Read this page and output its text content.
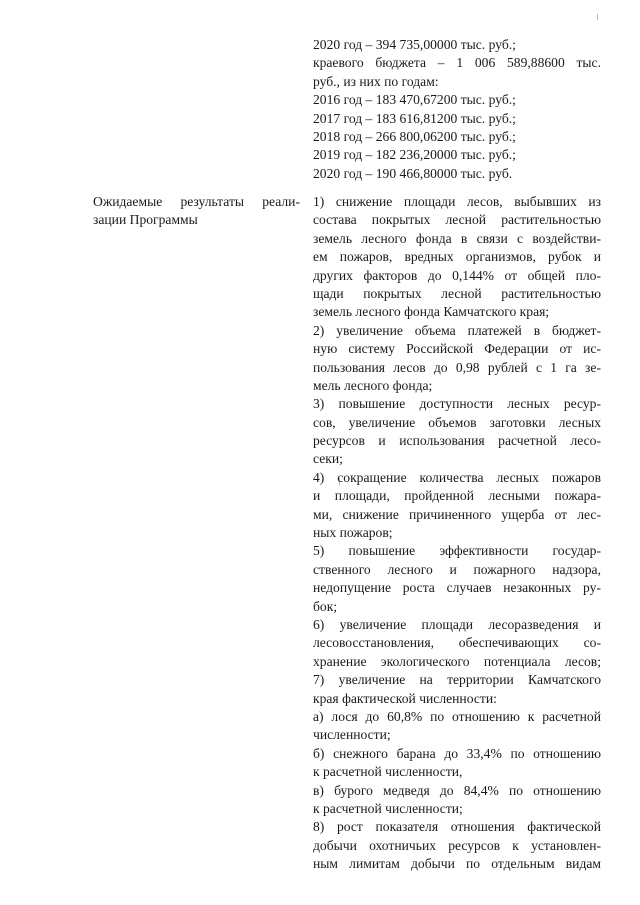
2020 год – 394 735,00000 тыс. руб.;
краевого бюджета – 1 006 589,88600 тыс.
руб., из них по годам:
2016 год – 183 470,67200 тыс. руб.;
2017 год – 183 616,81200 тыс. руб.;
2018 год – 266 800,06200 тыс. руб.;
2019 год – 182 236,20000 тыс. руб.;
2020 год – 190 466,80000 тыс. руб.
Ожидаемые результаты реали-
зации Программы
1) снижение площади лесов, выбывших из
состава покрытых лесной растительностью
земель лесного фонда в связи с воздействи-
ем пожаров, вредных организмов, рубок и
других факторов до 0,144% от общей пло-
щади покрытых лесной растительностью
земель лесного фонда Камчатского края;
2) увеличение объема платежей в бюджет-
ную систему Российской Федерации от ис-
пользования лесов до 0,98 рублей с 1 га зе-
мель лесного фонда;
3) повышение доступности лесных ресур-
сов, увеличение объемов заготовки лесных
ресурсов и использования расчетной лесо-
секи;
4) сокращение количества лесных пожаров
и площади, пройденной лесными пожара-
ми, снижение причиненного ущерба от лес-
ных пожаров;
5) повышение эффективности государ-
ственного лесного и пожарного надзора,
недопущение роста случаев незаконных ру-
бок;
6) увеличение площади лесоразведения и
лесовосстановления, обеспечивающих со-
хранение экологического потенциала лесов;
7) увеличение на территории Камчатского
края фактической численности:
а) лося до 60,8% по отношению к расчетной
численности;
б) снежного барана до 33,4% по отношению
к расчетной численности,
в) бурого медведя до 84,4% по отношению
к расчетной численности;
8) рост показателя отношения фактической
добычи охотничьих ресурсов к установлен-
ным лимитам добычи по отдельным видам
